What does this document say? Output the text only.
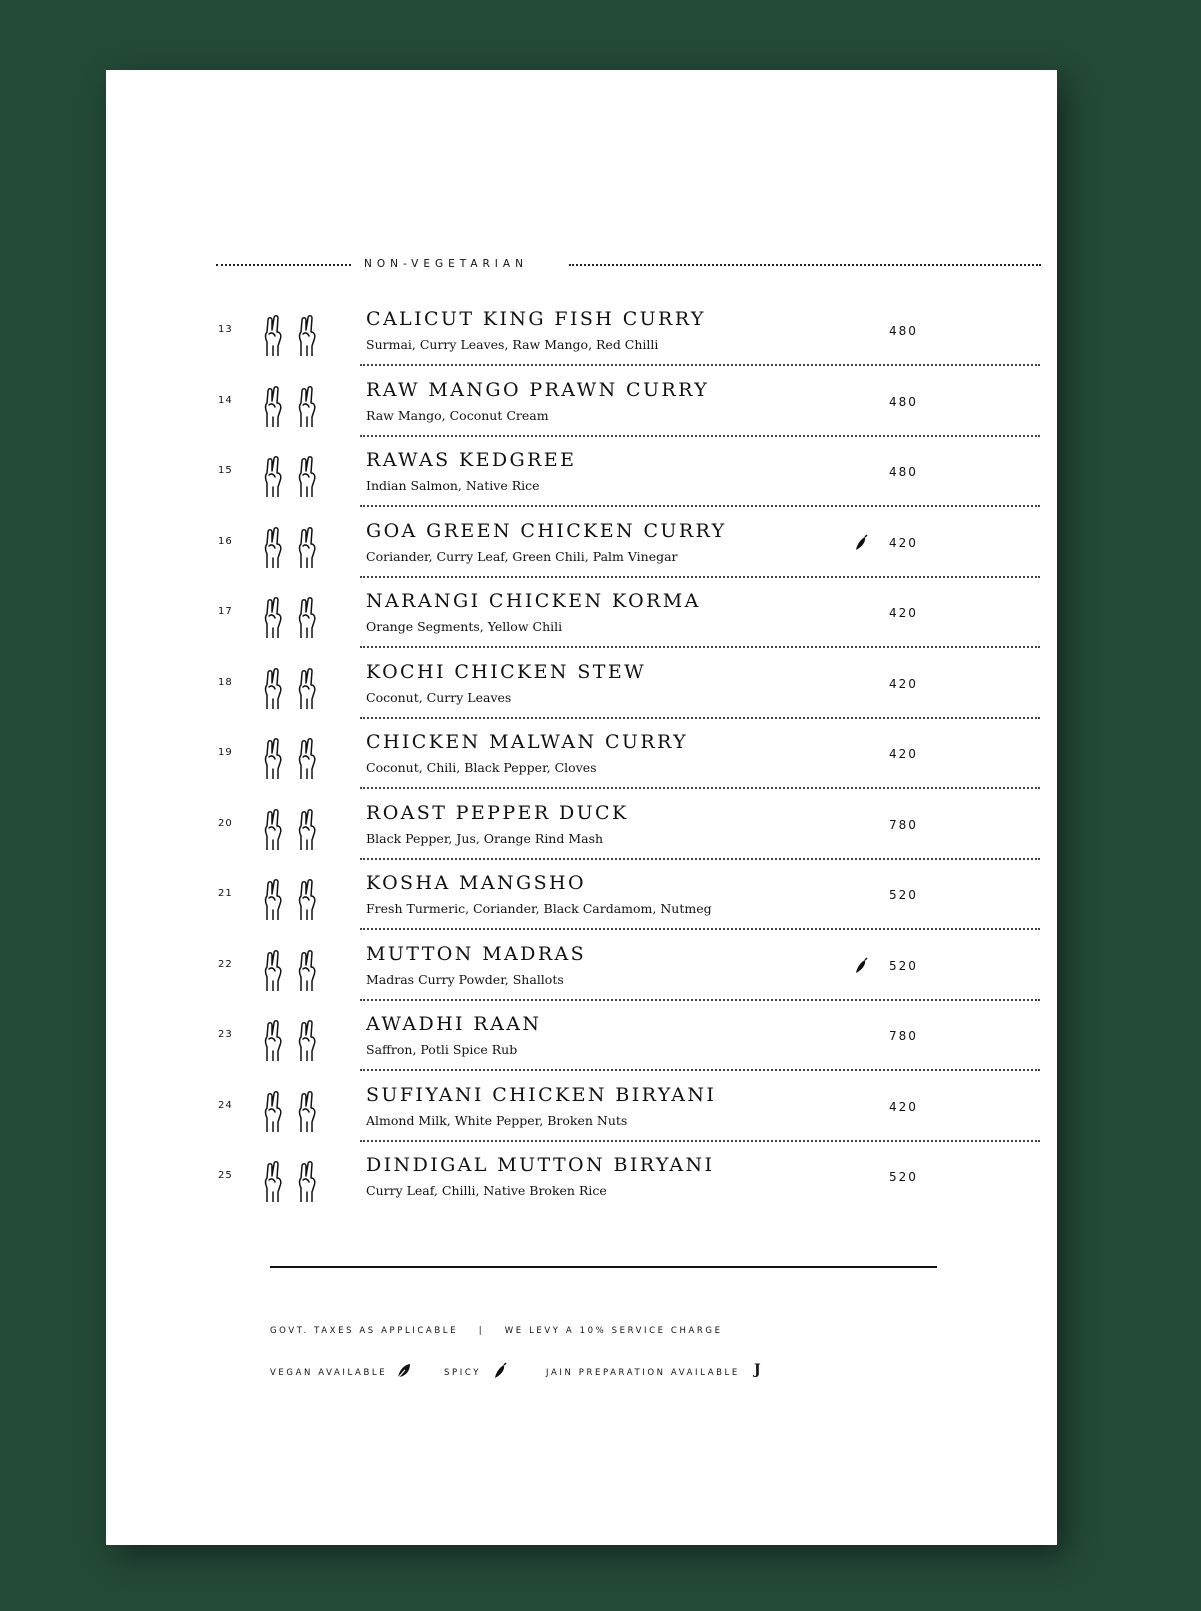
NON-VEGETARIAN
13	CALICUT KING FISH CURRY
Surmai, Curry Leaves, Raw Mango, Red Chilli
480
14	RAW MANGO PRAWN CURRY
Raw Mango, Coconut Cream
480
15	RAWAS KEDGREE
Indian Salmon, Native Rice
480
16	GOA GREEN CHICKEN CURRY
Coriander, Curry Leaf, Green Chili, Palm Vinegar
420
17	NARANGI CHICKEN KORMA
Orange Segments, Yellow Chili
420
18	KOCHI CHICKEN STEW
Coconut, Curry Leaves
420
19	CHICKEN MALWAN CURRY
Coconut, Chili, Black Pepper, Cloves
420
20	ROAST PEPPER DUCK
Black Pepper, Jus, Orange Rind Mash
780
21	KOSHA MANGSHO
Fresh Turmeric, Coriander, Black Cardamom, Nutmeg
520
22	MUTTON MADRAS
Madras Curry Powder, Shallots
520
23	AWADHI RAAN
Saffron, Potli Spice Rub
780
24	SUFIYANI CHICKEN BIRYANI
Almond Milk, White Pepper, Broken Nuts
420
25	DINDIGAL MUTTON BIRYANI
Curry Leaf, Chilli, Native Broken Rice
520
GOVT. TAXES AS APPLICABLE | WE LEVY A 10% SERVICE CHARGE
VEGAN AVAILABLE	SPICY	JAIN PREPARATION AVAILABLE J
